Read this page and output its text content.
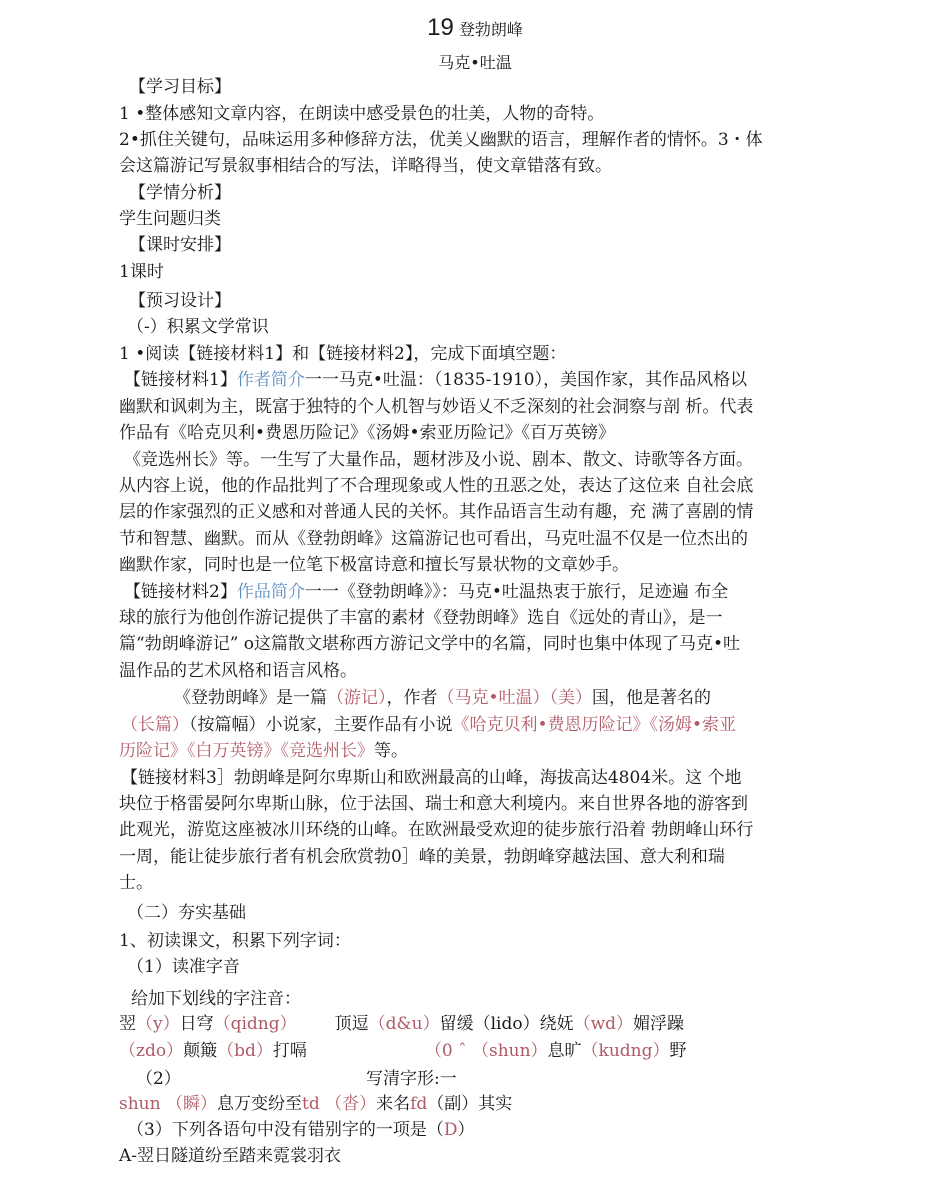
19 登勃朗峰
马克•吐温
【学习目标】
1 •整体感知文章内容，在朗读中感受景色的壮美，人物的奇特。
2•抓住关键句，品味运用多种修辞方法，优美乂幽默的语言，理解作者的情怀。3・体
会这篇游记写景叙事相结合的写法，详略得当，使文章错落有致。
【学情分析】
学生问题归类
【课时安排】
1课时
【预习设计】
（-）积累文学常识
1 •阅读【链接材料1】和【链接材料2】，完成下面填空题：
【链接材料1】作者简介一一马克•吐温：（1835-1910），美国作家，其作品风格以
幽默和讽刺为主，既富于独特的个人机智与妙语乂不乏深刻的社会洞察与剖 析。代表
作品有《哈克贝利•费恩历险记》《汤姆•索亚历险记》《百万英镑》
《竞选州长》等。一生写了大量作品，题材涉及小说、剧本、散文、诗歌等各方面。
从内容上说，他的作品批判了不合理现象或人性的丑恶之处，表达了这位来 自社会底
层的作家强烈的正义感和对普通人民的关怀。其作品语言生动有趣，充 满了喜剧的情
节和智慧、幽默。而从《登勃朗峰》这篇游记也可看出，马克吐温不仅是一位杰出的
幽默作家，同时也是一位笔下极富诗意和擅长写景状物的文章妙手。
【链接材料2】作品简介一一《登勃朗峰》》：马克•吐温热衷于旅行，足迹遍 布全
球的旅行为他创作游记提供了丰富的素材《登勃朗峰》选自《远处的青山》，是一
篇“勃朗峰游记” o这篇散文堪称西方游记文学中的名篇，同时也集中体现了马克•吐
温作品的艺术风格和语言风格。
《登勃朗峰》是一篇（游记），作者（马克•吐温）（美）国，他是著名的
（长篇）（按篇幅）小说家，主要作品有小说《哈克贝利•费恩历险记》《汤姆•索亚
历险记》《白万英镑》《竞选州长》等。
【链接材料3］勃朗峰是阿尔卑斯山和欧洲最高的山峰，海拔高达4804米。这 个地
块位于格雷晏阿尔卑斯山脉，位于法国、瑞士和意大利境内。来自世界各地的游客到
此观光，游览这座被冰川环绕的山峰。在欧洲最受欢迎的徒步旅行沿着 勃朗峰山环行
一周，能让徒步旅行者有机会欣赏勃0］峰的美景，勃朗峰穿越法国、意大利和瑞
士。
（二）夯实基础
1、初读课文，积累下列字词：
（1）读准字音
给加下划线的字注音：
翌（y）日穹（qidng） 顶逗（d&u）留缓（lido）绕妩（wd）媚浮躁
（zdo）颠簸（bd）打嗝	（0 ˆ （shun）息旷（kudng）野
（2）	写清字形:一
shun （瞬）息万变纷至td （沓）来名fd（副）其实
（3）下列各语句中没有错别字的一项是（D）
A-翌日隧道纷至踏来霓裳羽衣
